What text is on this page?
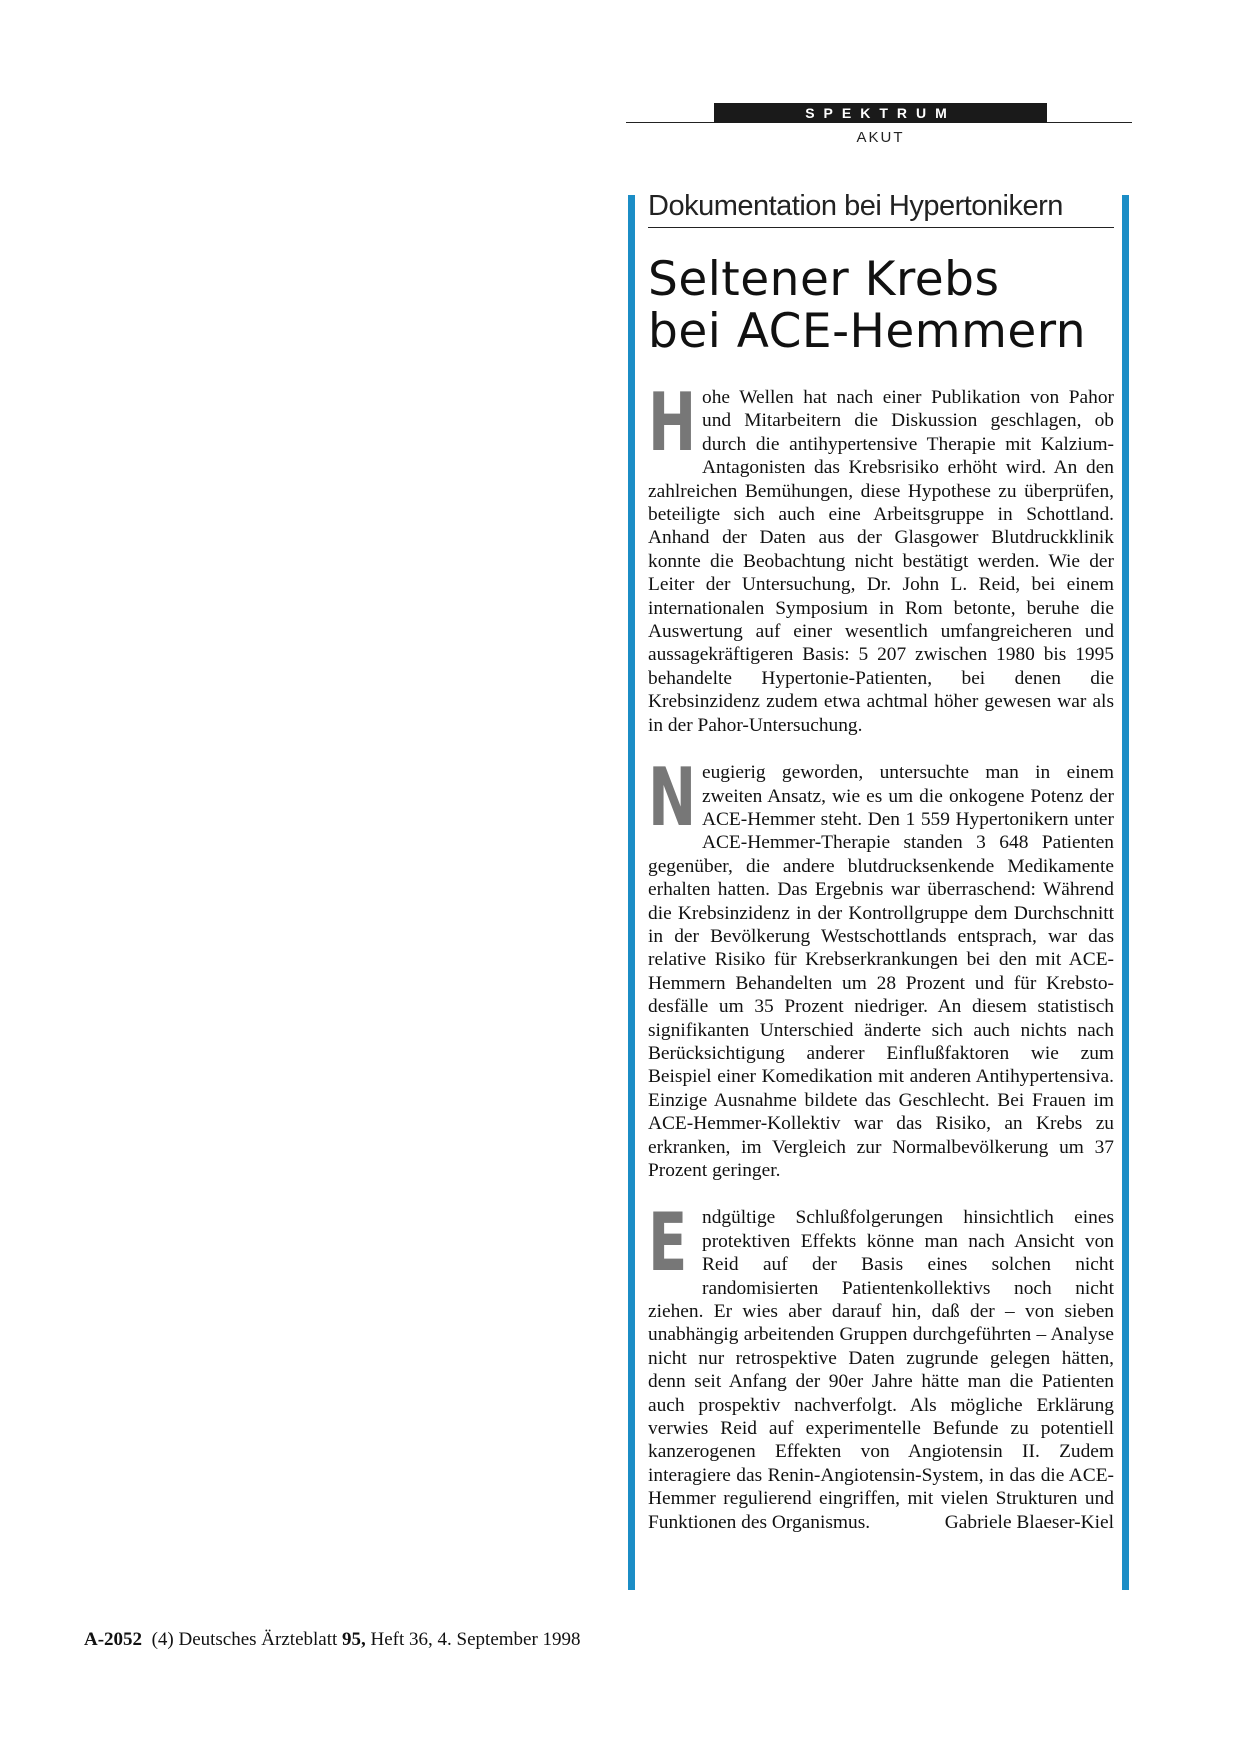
SPEKTRUM
AKUT
Dokumentation bei Hypertonikern
Seltener Krebs
bei ACE-Hemmern

H ohe Wellen hat nach einer Publikation von Pahor und Mitarbeitern die Diskussion geschlagen, ob durch die antihypertensive Therapie mit Kalzium-Antagonisten das Krebsrisiko erhöht wird. An den zahlreichen Bemühungen, diese Hypothese zu überprüfen, beteiligte sich auch eine Arbeitsgruppe in Schottland. Anhand der Daten aus der Glasgower Blutdruckklinik konnte die Beobachtung nicht bestätigt werden. Wie der Leiter der Untersuchung, Dr. John L. Reid, bei einem internationalen Symposium in Rom betonte, beruhe die Auswertung auf einer wesentlich umfangreicheren und aussagekräftigeren Basis: 5 207 zwischen 1980 bis 1995 behandelte Hypertonie-Patienten, bei denen die Krebsinzidenz zudem etwa achtmal höher gewesen war als in der Pahor-Untersuchung.

N eugierig geworden, untersuchte man in einem zweiten Ansatz, wie es um die onkogene Potenz der ACE-Hemmer steht. Den 1 559 Hypertonikern unter ACE-Hemmer-Therapie standen 3 648 Patienten gegenüber, die andere blutdrucksenkende Medikamente erhalten hatten. Das Ergebnis war überraschend: Während die Krebsinzidenz in der Kontrollgruppe dem Durchschnitt in der Bevölkerung Westschottlands entsprach, war das relative Risiko für Krebserkrankungen bei den mit ACE-Hemmern Behandelten um 28 Prozent und für Krebstodesfälle um 35 Prozent niedriger. An diesem statistisch signifikanten Unterschied änderte sich auch nichts nach Berücksichtigung anderer Einflußfaktoren wie zum Beispiel einer Komedikation mit anderen Antihypertensiva. Einzige Ausnahme bildete das Geschlecht. Bei Frauen im ACE-Hemmer-Kollektiv war das Risiko, an Krebs zu erkranken, im Vergleich zur Normalbevölkerung um 37 Prozent geringer.

E ndgültige Schlußfolgerungen hinsichtlich eines protektiven Effekts könne man nach Ansicht von Reid auf der Basis eines solchen nicht randomisierten Patientenkollektivs noch nicht ziehen. Er wies aber darauf hin, daß der – von sieben unabhängig arbeitenden Gruppen durchgeführten – Analyse nicht nur retrospektive Daten zugrunde gelegen hätten, denn seit Anfang der 90er Jahre hätte man die Patienten auch prospektiv nachverfolgt. Als mögliche Erklärung verwies Reid auf experimentelle Befunde zu potentiell kanzerogenen Effekten von Angiotensin II. Zudem interagiere das Renin-Angiotensin-System, in das die ACE-Hemmer regulierend eingriffen, mit vielen Strukturen und Funktionen des Organismus.	Gabriele Blaeser-Kiel

A-2052 (4) Deutsches Ärzteblatt 95, Heft 36, 4. September 1998
